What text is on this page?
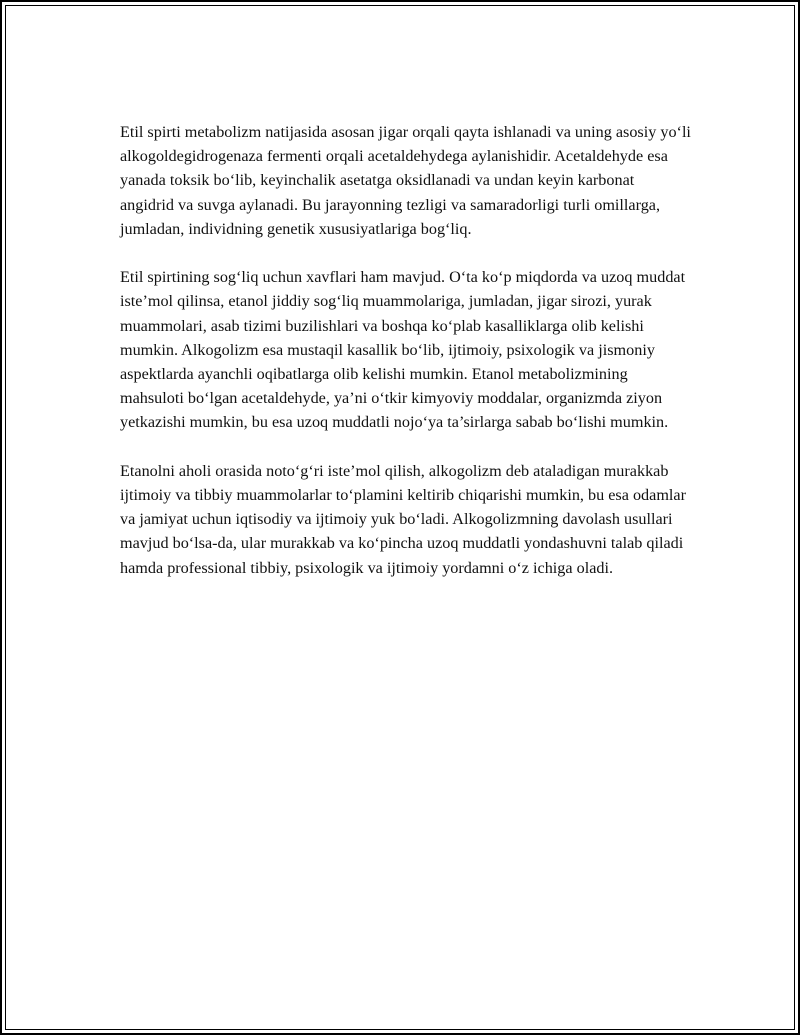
Etil spirti metabolizm natijasida asosan jigar orqali qayta ishlanadi va uning asosiy yo‘li alkogoldegidrogenaza fermenti orqali acetaldehydega aylanishidir. Acetaldehyde esa yanada toksik bo‘lib, keyinchalik asetatga oksidlanadi va undan keyin karbonat angidrid va suvga aylanadi. Bu jarayonning tezligi va samaradorligi turli omillarga, jumladan, individning genetik xususiyatlariga bog‘liq.

Etil spirtining sog‘liq uchun xavflari ham mavjud. O‘ta ko‘p miqdorda va uzoq muddat iste’mol qilinsa, etanol jiddiy sog‘liq muammolariga, jumladan, jigar sirozi, yurak muammolari, asab tizimi buzilishlari va boshqa ko‘plab kasalliklarga olib kelishi mumkin. Alkogolizm esa mustaqil kasallik bo‘lib, ijtimoiy, psixologik va jismoniy aspektlarda ayanchli oqibatlarga olib kelishi mumkin. Etanol metabolizmining mahsuloti bo‘lgan acetaldehyde, ya’ni o‘tkir kimyoviy moddalar, organizmda ziyon yetkazishi mumkin, bu esa uzoq muddatli nojo‘ya ta’sirlarga sabab bo‘lishi mumkin.

Etanolni aholi orasida noto‘g‘ri iste’mol qilish, alkogolizm deb ataladigan murakkab ijtimoiy va tibbiy muammolarlar to‘plamini keltirib chiqarishi mumkin, bu esa odamlar va jamiyat uchun iqtisodiy va ijtimoiy yuk bo‘ladi. Alkogolizmning davolash usullari mavjud bo‘lsa-da, ular murakkab va ko‘pincha uzoq muddatli yondashuvni talab qiladi hamda professional tibbiy, psixologik va ijtimoiy yordamni o‘z ichiga oladi.
